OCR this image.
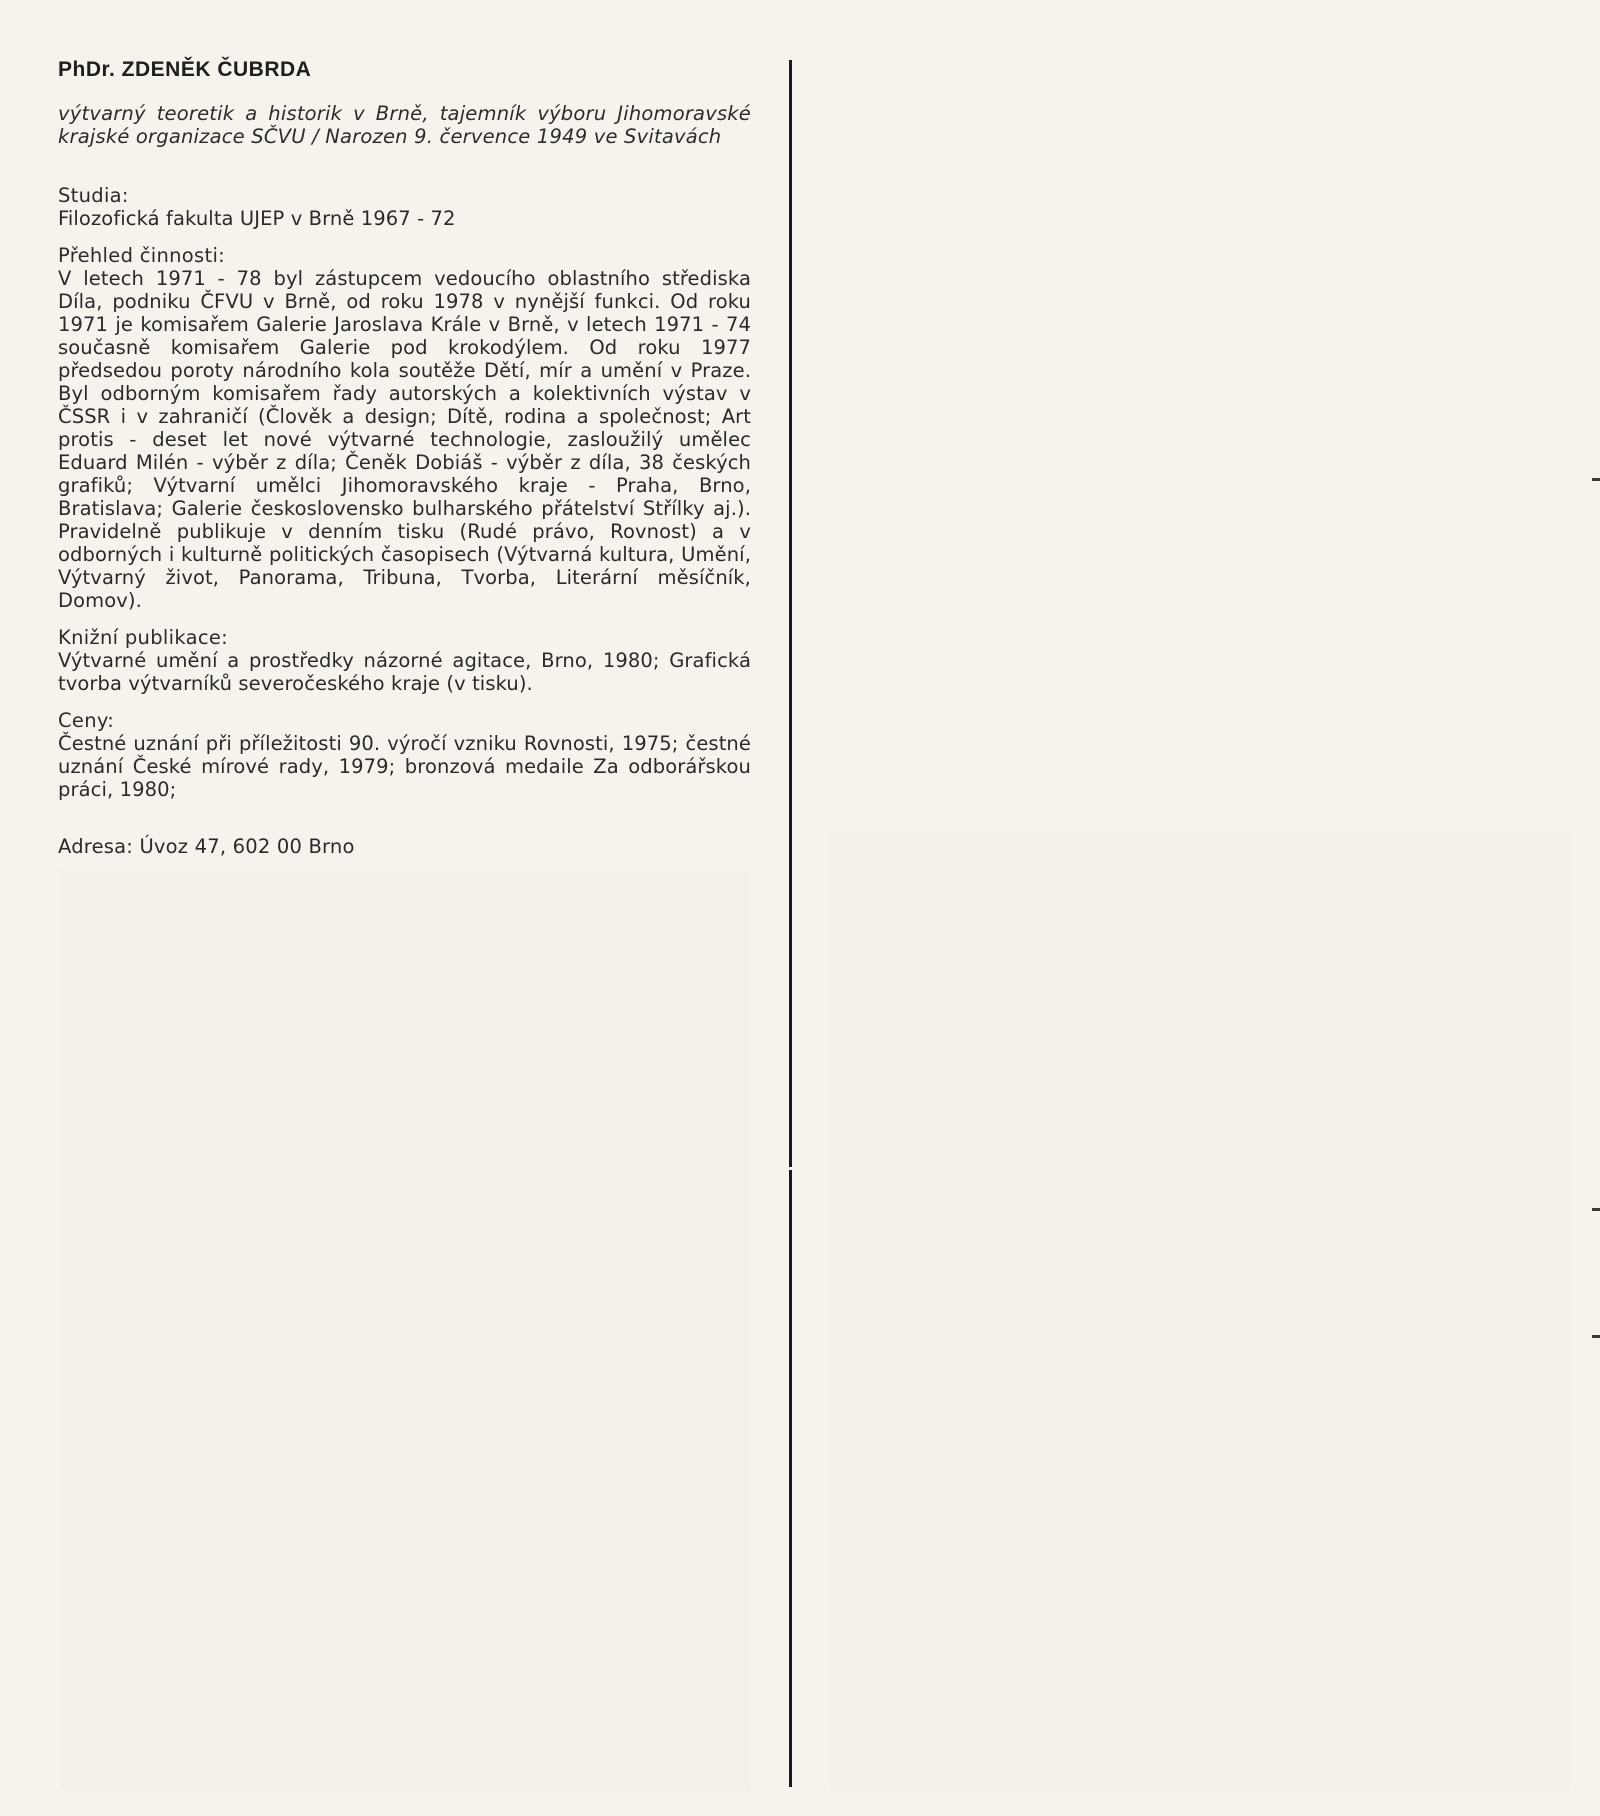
PhDr. ZDENĚK ČUBRDA

výtvarný teoretik a historik v Brně, tajemník výboru Jihomoravské krajské organizace SČVU / Narozen 9. července 1949 ve Svitavách

Studia:

Filozofická fakulta UJEP v Brně 1967 - 72

Přehled činnosti:

V letech 1971 - 78 byl zástupcem vedoucího oblastního střediska Díla, podniku ČFVU v Brně, od roku 1978 v nynější funkci. Od roku 1971 je komisařem Galerie Jaroslava Krále v Brně, v letech 1971 - 74 současně komisařem Galerie pod krokodýlem. Od roku 1977 předsedou poroty národního kola soutěže Dětí, mír a umění v Praze. Byl odborným komisařem řady autorských a kolektivních výstav v ČSSR i v zahraničí (Člověk a design; Dítě, rodina a společnost; Art protis - deset let nové výtvarné technologie, zasloužilý umělec Eduard Milén - výběr z díla; Čeněk Dobiáš - výběr z díla, 38 českých grafiků; Výtvarní umělci Jihomoravského kraje - Praha, Brno, Bratislava; Galerie československo bulharského přátelství Střílky aj.). Pravidelně publikuje v denním tisku (Rudé právo, Rovnost) a v odborných i kulturně politických časopisech (Výtvarná kultura, Umění, Výtvarný život, Panorama, Tribuna, Tvorba, Literární měsíčník, Domov).

Knižní publikace:

Výtvarné umění a prostředky názorné agitace, Brno, 1980; Grafická tvorba výtvarníků severočeského kraje (v tisku).

Ceny:

Čestné uznání při příležitosti 90. výročí vzniku Rovnosti, 1975; čestné uznání České mírové rady, 1979; bronzová medaile Za odborářskou práci, 1980;

Adresa: Úvoz 47, 602 00 Brno
